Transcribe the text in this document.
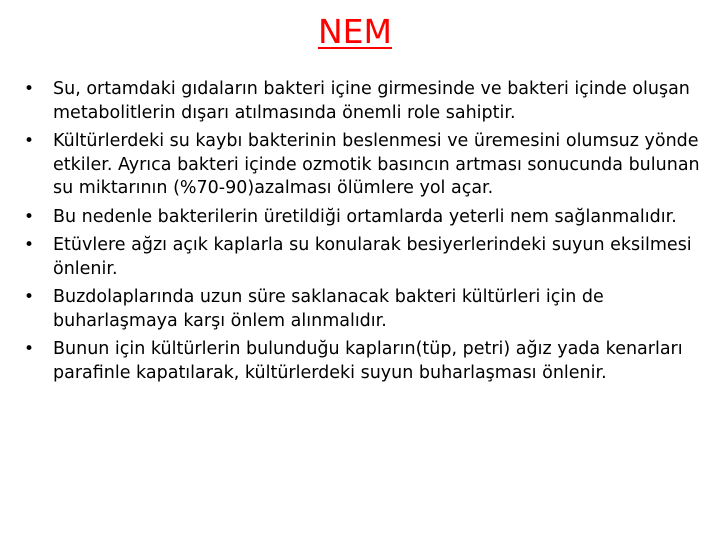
NEM
• Su, ortamdaki gıdaların bakteri içine girmesinde ve bakteri içinde oluşan metabolitlerin dışarı atılmasında önemli role sahiptir.
• Kültürlerdeki su kaybı bakterinin beslenmesi ve üremesini olumsuz yönde etkiler. Ayrıca bakteri içinde ozmotik basıncın artması sonucunda bulunan su miktarının (%70-90)azalması ölümlere yol açar.
• Bu nedenle bakterilerin üretildiği ortamlarda yeterli nem sağlanmalıdır.
• Etüvlere ağzı açık kaplarla su konularak besiyerlerindeki suyun eksilmesi önlenir.
• Buzdolaplarında uzun süre saklanacak bakteri kültürleri için de buharlaşmaya karşı önlem alınmalıdır.
• Bunun için kültürlerin bulunduğu kapların(tüp, petri) ağız yada kenarları parafinle kapatılarak, kültürlerdeki suyun buharlaşması önlenir.
